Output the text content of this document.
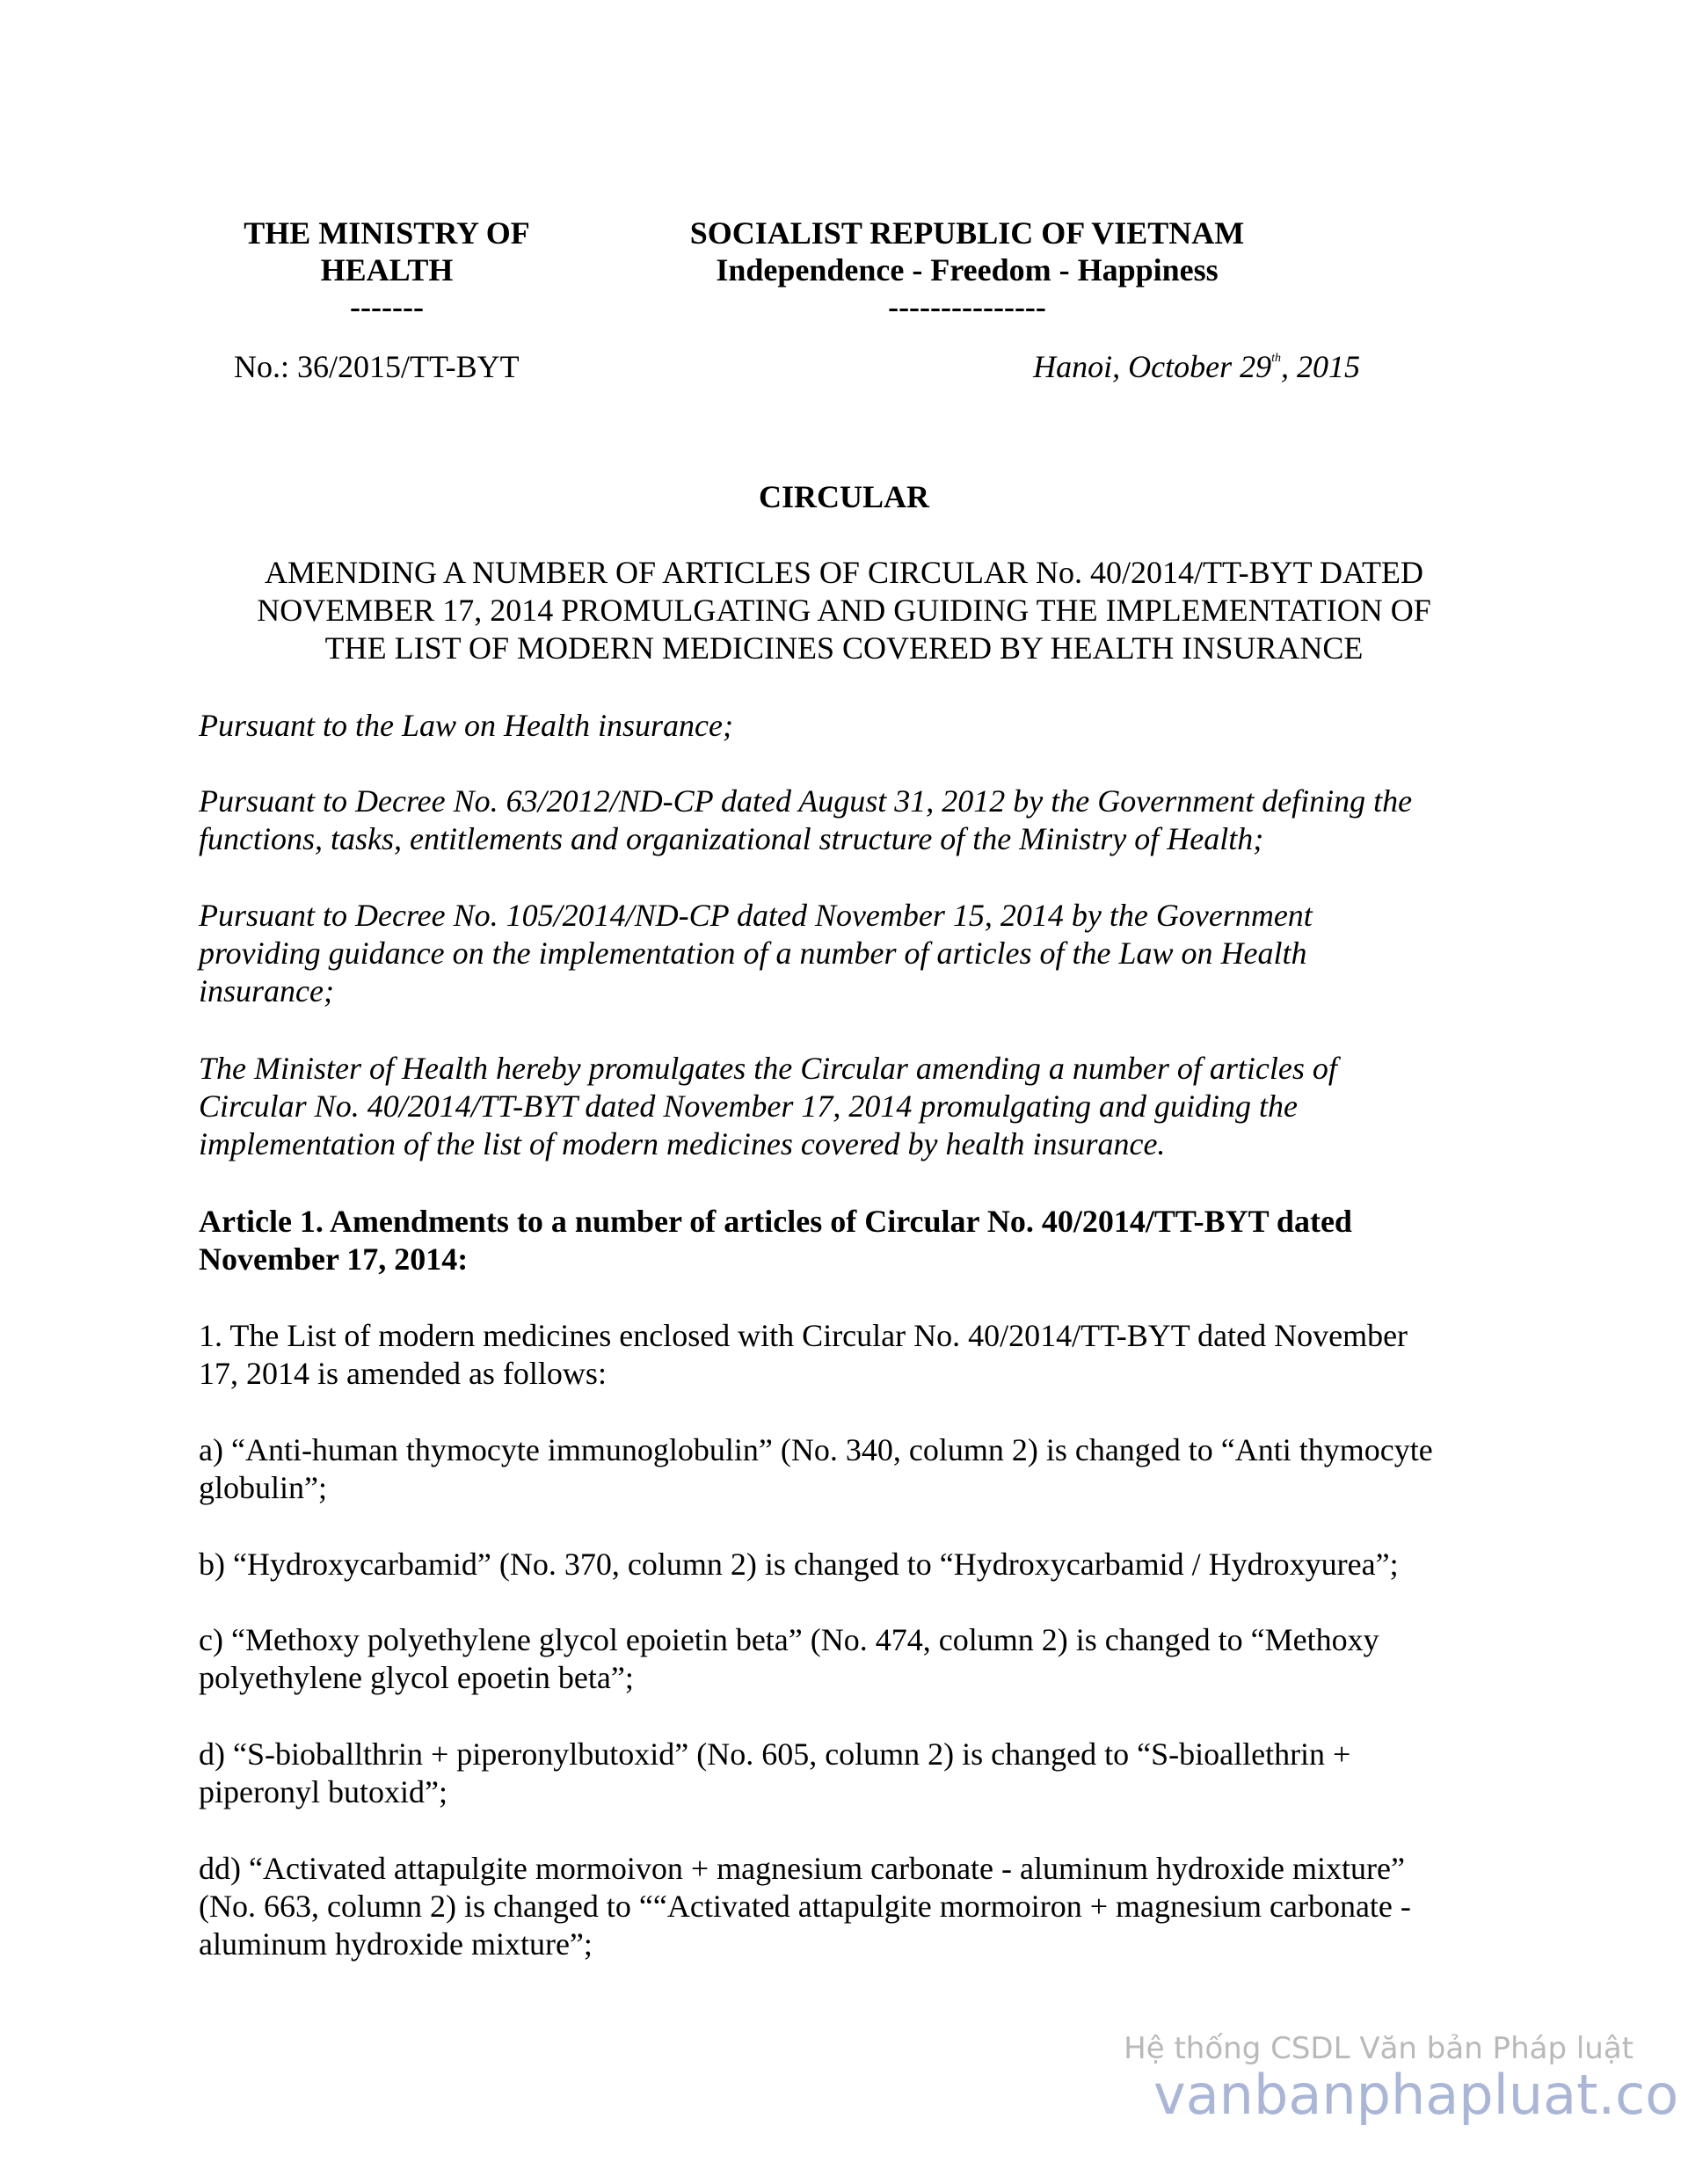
THE MINISTRY OF
HEALTH
-------
SOCIALIST REPUBLIC OF VIETNAM
Independence - Freedom - Happiness
---------------
No.: 36/2015/TT-BYT	Hanoi, October 29th, 2015
CIRCULAR
AMENDING A NUMBER OF ARTICLES OF CIRCULAR No. 40/2014/TT-BYT DATED
NOVEMBER 17, 2014 PROMULGATING AND GUIDING THE IMPLEMENTATION OF
THE LIST OF MODERN MEDICINES COVERED BY HEALTH INSURANCE
Pursuant to the Law on Health insurance;
Pursuant to Decree No. 63/2012/ND-CP dated August 31, 2012 by the Government defining the
functions, tasks, entitlements and organizational structure of the Ministry of Health;
Pursuant to Decree No. 105/2014/ND-CP dated November 15, 2014 by the Government
providing guidance on the implementation of a number of articles of the Law on Health
insurance;
The Minister of Health hereby promulgates the Circular amending a number of articles of
Circular No. 40/2014/TT-BYT dated November 17, 2014 promulgating and guiding the
implementation of the list of modern medicines covered by health insurance.
Article 1. Amendments to a number of articles of Circular No. 40/2014/TT-BYT dated
November 17, 2014:
1. The List of modern medicines enclosed with Circular No. 40/2014/TT-BYT dated November
17, 2014 is amended as follows:
a) “Anti-human thymocyte immunoglobulin” (No. 340, column 2) is changed to “Anti thymocyte
globulin”;
b) “Hydroxycarbamid” (No. 370, column 2) is changed to “Hydroxycarbamid / Hydroxyurea”;
c) “Methoxy polyethylene glycol epoietin beta” (No. 474, column 2) is changed to “Methoxy
polyethylene glycol epoetin beta”;
d) “S-bioballthrin + piperonylbutoxid” (No. 605, column 2) is changed to “S-bioallethrin +
piperonyl butoxid”;
dd) “Activated attapulgite mormoivon + magnesium carbonate - aluminum hydroxide mixture”
(No. 663, column 2) is changed to ““Activated attapulgite mormoiron + magnesium carbonate -
aluminum hydroxide mixture”;
Hệ thống CSDL Văn bản Pháp luật
vanbanphapluat.co
